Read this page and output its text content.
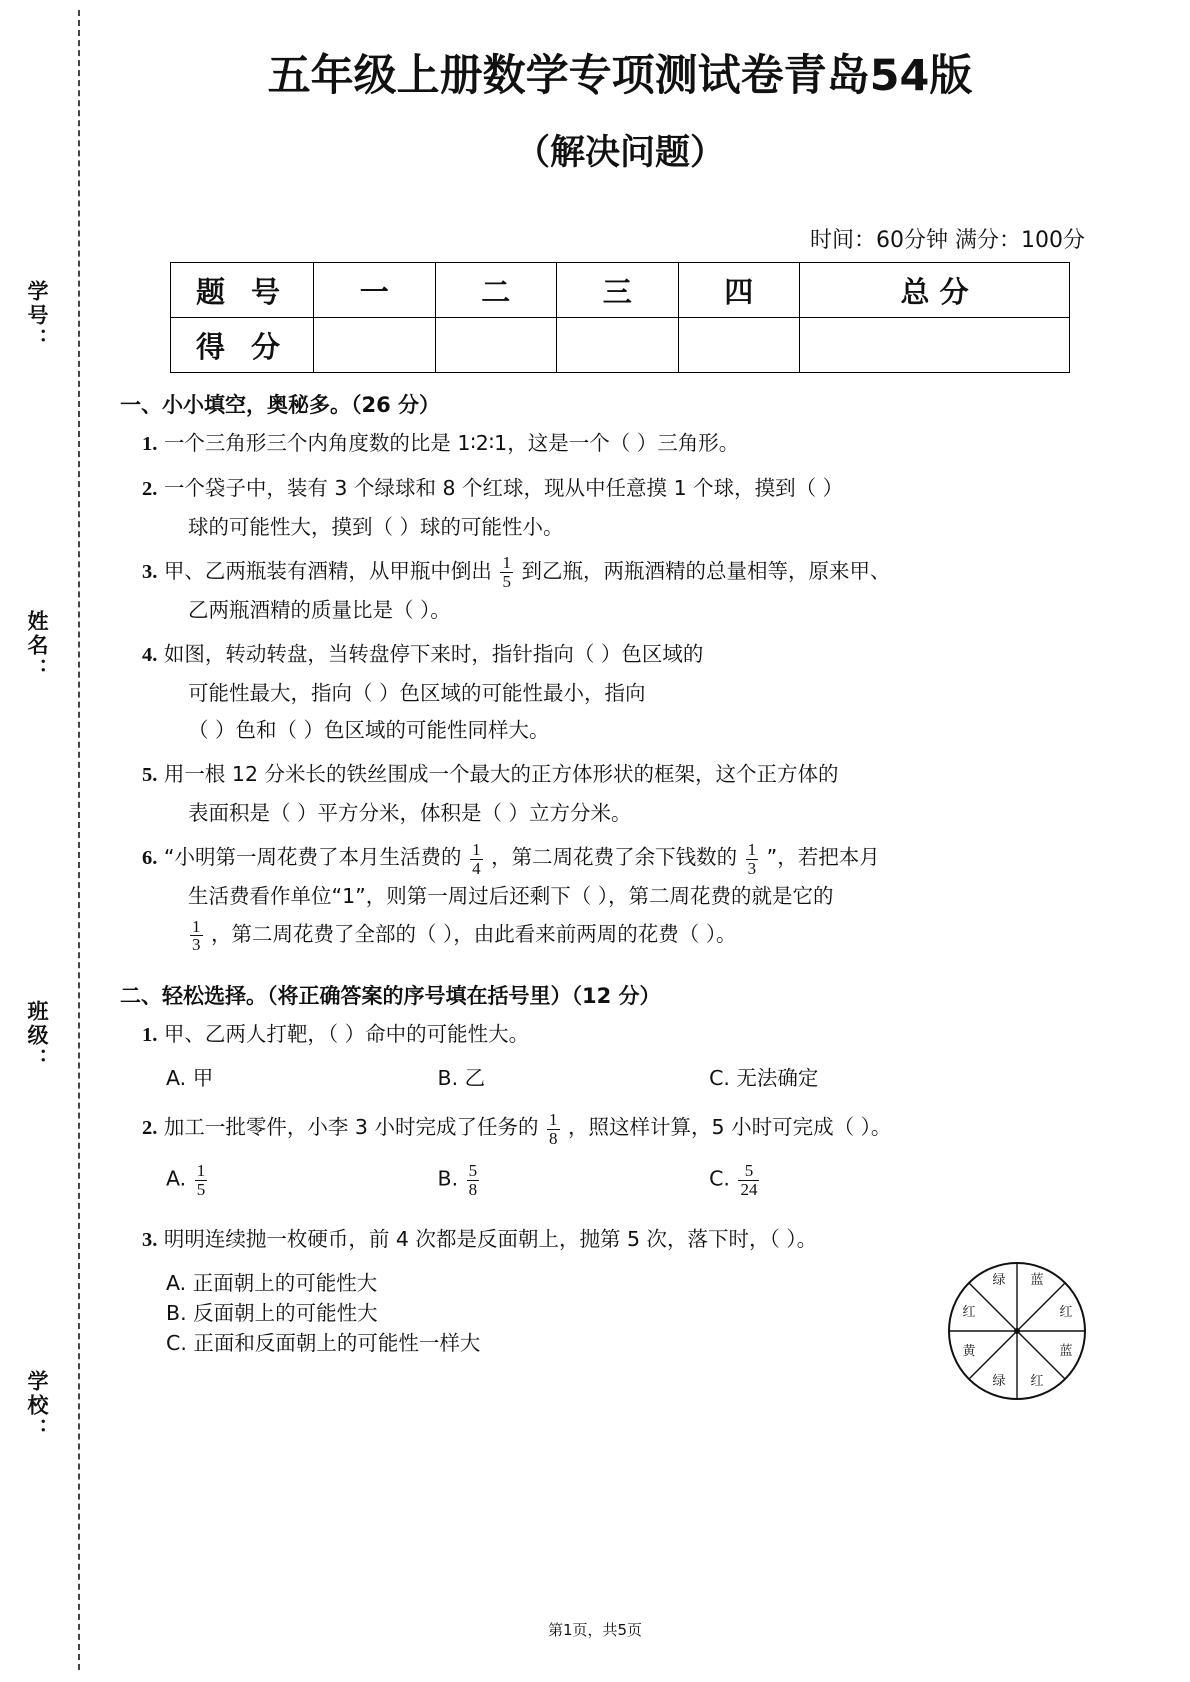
学号：
姓名：
班级：
学校：
五年级上册数学专项测试卷青岛54版
（解决问题）
时间：60分钟 满分：100分
题 号	一	二	三	四	总 分
得 分					
一、小小填空，奥秘多。（26 分）
1. 一个三角形三个内角度数的比是 1∶2∶1，这是一个（ ）三角形。
2. 一个袋子中，装有 3 个绿球和 8 个红球，现从中任意摸 1 个球，摸到（ ）
球的可能性大，摸到（ ）球的可能性小。
3. 甲、乙两瓶装有酒精，从甲瓶中倒出 $\frac{1}{5}$ 到乙瓶，两瓶酒精的总量相等，原来甲、
乙两瓶酒精的质量比是（ ）。
4. 如图，转动转盘，当转盘停下来时，指针指向（ ）色区域的
可能性最大，指向（ ）色区域的可能性最小，指向
（ ）色和（ ）色区域的可能性同样大。
绿 蓝
红	红
黄	蓝
绿 红
5. 用一根 12 分米长的铁丝围成一个最大的正方体形状的框架，这个正方体的
表面积是（ ）平方分米，体积是（ ）立方分米。
6. “小明第一周花费了本月生活费的 $\frac{1}{4}$ ，第二周花费了余下钱数的 $\frac{1}{3}$ ”，若把本月
生活费看作单位“1”，则第一周过后还剩下（ ），第二周花费的就是它的
$\frac{1}{3}$ ，第二周花费了全部的（ ），由此看来前两周的花费（ ）。
二、轻松选择。（将正确答案的序号填在括号里）（12 分）
1. 甲、乙两人打靶，（ ）命中的可能性大。
A. 甲	B. 乙	C. 无法确定
2. 加工一批零件，小李 3 小时完成了任务的 $\frac{1}{8}$ ，照这样计算，5 小时可完成（ ）。
A. $\frac{1}{5}$	B. $\frac{5}{8}$	C. $\frac{5}{24}$
3. 明明连续抛一枚硬币，前 4 次都是反面朝上，抛第 5 次，落下时，（ ）。
A. 正面朝上的可能性大
B. 反面朝上的可能性大
C. 正面和反面朝上的可能性一样大
第1页，共5页
